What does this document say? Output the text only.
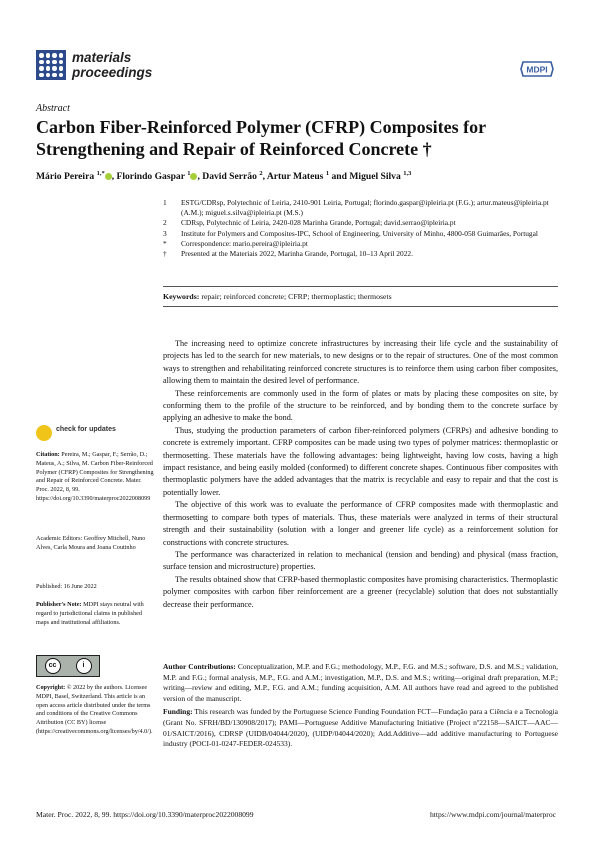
materials
proceedings	MDPI
Abstract
Carbon Fiber-Reinforced Polymer (CFRP) Composites for Strengthening and Repair of Reinforced Concrete †
Mário Pereira $^{1,*}$ , Florindo Gaspar $^1$ , David Serrão $^2$, Artur Mateus $^1$ and Miguel Silva $^{1,3}$
1	ESTG/CDRsp, Polytechnic of Leiria, 2410-901 Leiria, Portugal; florindo.gaspar@ipleiria.pt (F.G.); artur.mateus@ipleiria.pt (A.M.); miguel.s.silva@ipleiria.pt (M.S.)
2	CDRsp, Polytechnic of Leiria, 2420-028 Marinha Grande, Portugal; david.serrao@ipleiria.pt
3	Institute for Polymers and Composites-IPC, School of Engineering, University of Minho, 4800-058 Guimarães, Portugal
*	Correspondence: mario.pereira@ipleiria.pt
†	Presented at the Materiais 2022, Marinha Grande, Portugal, 10–13 April 2022.
Keywords: repair; reinforced concrete; CFRP; thermoplastic; thermosets

The increasing need to optimize concrete infrastructures by increasing their life cycle and the sustainability of projects has led to the search for new materials, to new designs or to the repair of structures. One of the most common ways to strengthen and rehabilitating reinforced concrete structures is to reinforce them using carbon fiber composites, allowing them to maintain the desired level of performance.

These reinforcements are commonly used in the form of plates or mats by placing these composites on site, by conforming them to the profile of the structure to be reinforced, and by bonding them to the concrete surface by applying an adhesive to make the bond.

Thus, studying the production parameters of carbon fiber-reinforced polymers (CFRPs) and adhesive bonding to concrete is extremely important. CFRP composites can be made using two types of polymer matrices: thermoplastic or thermosetting. These materials have the following advantages: being lightweight, having low costs, having a high impact resistance, and being easily molded (conformed) to different concrete shapes. Continuous fiber composites with thermoplastic polymers have the added advantages that the matrix is recyclable and easy to repair and that the cost is potentially lower.

The objective of this work was to evaluate the performance of CFRP composites made with thermoplastic and thermosetting to compare both types of materials. Thus, these materials were analyzed in terms of their structural strength and their sustainability (solution with a longer and greener life cycle) as a reinforcement solution for constructions with concrete structures.

The performance was characterized in relation to mechanical (tension and bending) and physical (mass fraction, surface tension and microstructure) properties.

The results obtained show that CFRP-based thermoplastic composites have promising characteristics. Thermoplastic polymer composites with carbon fiber reinforcement are a greener (recyclable) solution that does not substantially decrease their performance.

Author Contributions: Conceptualization, M.P. and F.G.; methodology, M.P., F.G. and M.S.; software, D.S. and M.S.; validation, M.P. and F.G.; formal analysis, M.P., F.G. and A.M.; investigation, M.P., D.S. and M.S.; writing—original draft preparation, M.P.; writing—review and editing, M.P., F.G. and A.M.; funding acquisition, A.M. All authors have read and agreed to the published version of the manuscript.

Funding: This research was funded by the Portuguese Science Funding Foundation FCT—Fundação para a Ciência e a Tecnologia (Grant No. SFRH/BD/130908/2017); PAMI—Portuguese Additive Manufacturing Initiative (Project nº22158—SAICT—AAC—01/SAICT/2016), CDRSP (UIDB/04044/2020), (UIDP/04044/2020); Add.Additive—add additive manufacturing to Portuguese industry (POCI-01-0247-FEDER-024533).

check for updates

Citation: Pereira, M.; Gaspar, F.; Serrão, D.; Mateus, A.; Silva, M. Carbon Fiber-Reinforced Polymer (CFRP) Composites for Strengthening and Repair of Reinforced Concrete. Mater. Proc. 2022, 8, 99. https://doi.org/10.3390/materproc2022008099

Academic Editors: Geoffrey Mitchell, Nuno Alves, Carla Moura and Joana Coutinho

Published: 16 June 2022

Publisher's Note: MDPI stays neutral with regard to jurisdictional claims in published maps and institutional affiliations.

cc	i

Copyright: © 2022 by the authors. Licensee MDPI, Basel, Switzerland. This article is an open access article distributed under the terms and conditions of the Creative Commons Attribution (CC BY) license (https://creativecommons.org/licenses/by/4.0/).

Mater. Proc. 2022, 8, 99. https://doi.org/10.3390/materproc2022008099	https://www.mdpi.com/journal/materproc
